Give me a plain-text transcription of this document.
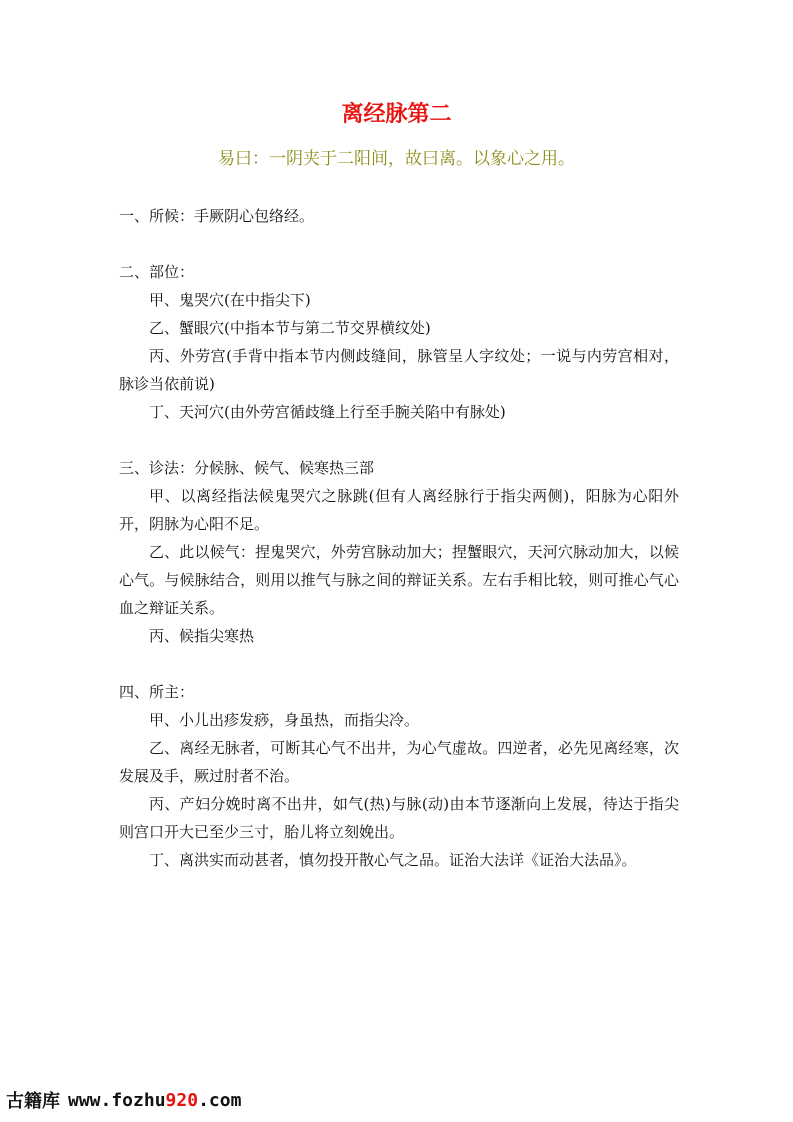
离经脉第二

易曰：一阴夹于二阳间，故曰离。以象心之用。

一、所候：手厥阴心包络经。

二、部位：

甲、鬼哭穴(在中指尖下)

乙、蟹眼穴(中指本节与第二节交界横纹处)

丙、外劳宫(手背中指本节内侧歧缝间，脉管呈人字纹处；一说与内劳宫相对，脉诊当依前说)

丁、天河穴(由外劳宫循歧缝上行至手腕关陷中有脉处)

三、诊法：分候脉、候气、候寒热三部

甲、以离经指法候鬼哭穴之脉跳(但有人离经脉行于指尖两侧)，阳脉为心阳外开，阴脉为心阳不足。

乙、此以候气：捏鬼哭穴，外劳宫脉动加大；捏蟹眼穴，天河穴脉动加大，以候心气。与候脉结合，则用以推气与脉之间的辩证关系。左右手相比较，则可推心气心血之辩证关系。

丙、候指尖寒热

四、所主：

甲、小儿出疹发痧，身虽热，而指尖冷。

乙、离经无脉者，可断其心气不出井，为心气虚故。四逆者，必先见离经寒，次发展及手，厥过肘者不治。

丙、产妇分娩时离不出井，如气(热)与脉(动)由本节逐渐向上发展，待达于指尖则宫口开大已至少三寸，胎儿将立刻娩出。

丁、离洪实而动甚者，慎勿投开散心气之品。证治大法详《证治大法品》。

古籍库 www.fozhu 920 .com
